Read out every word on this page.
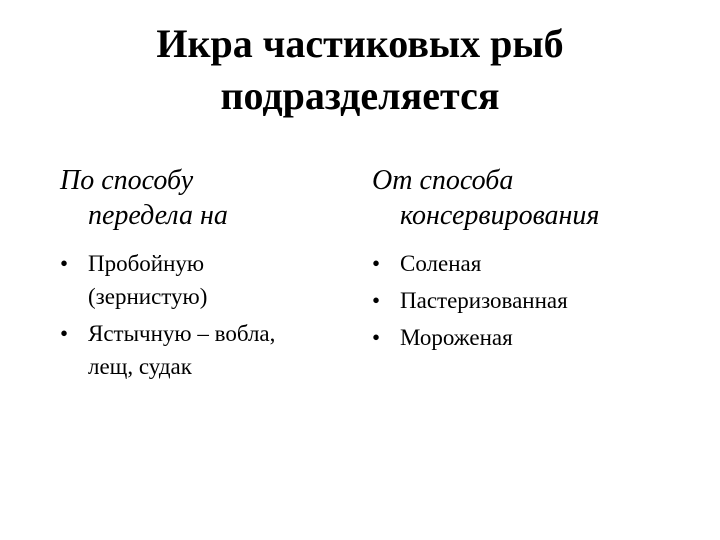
Икра частиковых рыб
подразделяется
По способу
передела на
• Пробойную
(зернистую)
• Ястычную – вобла,
лещ, судак
От способа
консервирования
• Соленая
• Пастеризованная
• Мороженая
